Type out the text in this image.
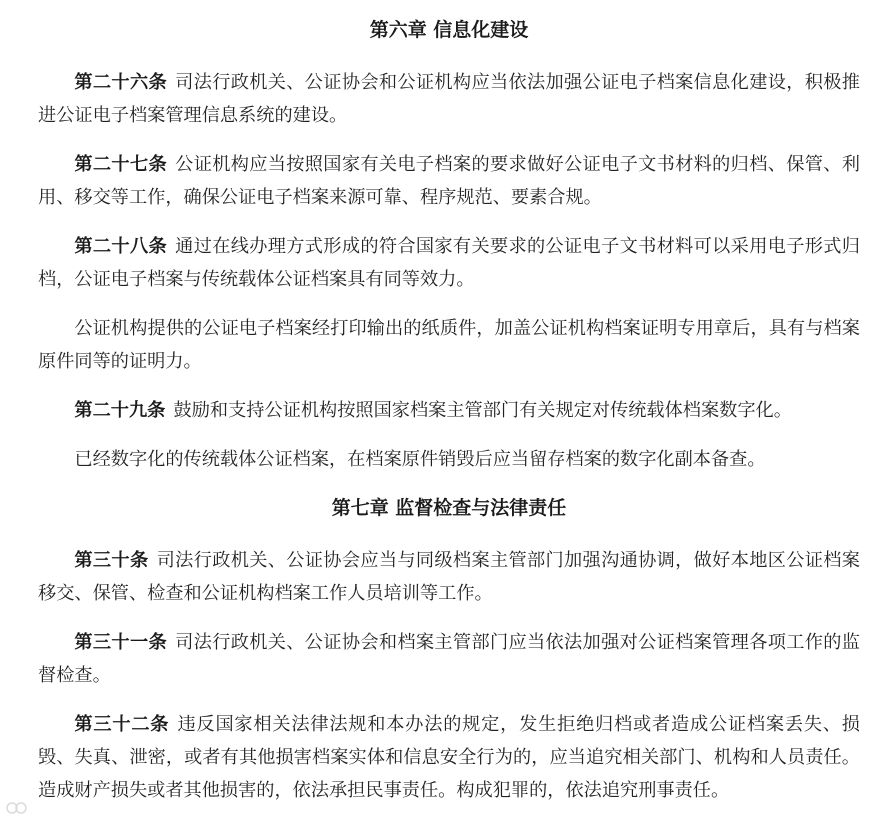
第六章 信息化建设

第二十六条 司法行政机关、公证协会和公证机构应当依法加强公证电子档案信息化建设，积极推进公证电子档案管理信息系统的建设。

第二十七条 公证机构应当按照国家有关电子档案的要求做好公证电子文书材料的归档、保管、利用、移交等工作，确保公证电子档案来源可靠、程序规范、要素合规。

第二十八条 通过在线办理方式形成的符合国家有关要求的公证电子文书材料可以采用电子形式归档，公证电子档案与传统载体公证档案具有同等效力。

公证机构提供的公证电子档案经打印输出的纸质件，加盖公证机构档案证明专用章后，具有与档案原件同等的证明力。

第二十九条 鼓励和支持公证机构按照国家档案主管部门有关规定对传统载体档案数字化。

已经数字化的传统载体公证档案，在档案原件销毁后应当留存档案的数字化副本备查。

第七章 监督检查与法律责任

第三十条 司法行政机关、公证协会应当与同级档案主管部门加强沟通协调，做好本地区公证档案移交、保管、检查和公证机构档案工作人员培训等工作。

第三十一条 司法行政机关、公证协会和档案主管部门应当依法加强对公证档案管理各项工作的监督检查。

第三十二条 违反国家相关法律法规和本办法的规定，发生拒绝归档或者造成公证档案丢失、损毁、失真、泄密，或者有其他损害档案实体和信息安全行为的，应当追究相关部门、机构和人员责任。造成财产损失或者其他损害的，依法承担民事责任。构成犯罪的，依法追究刑事责任。
